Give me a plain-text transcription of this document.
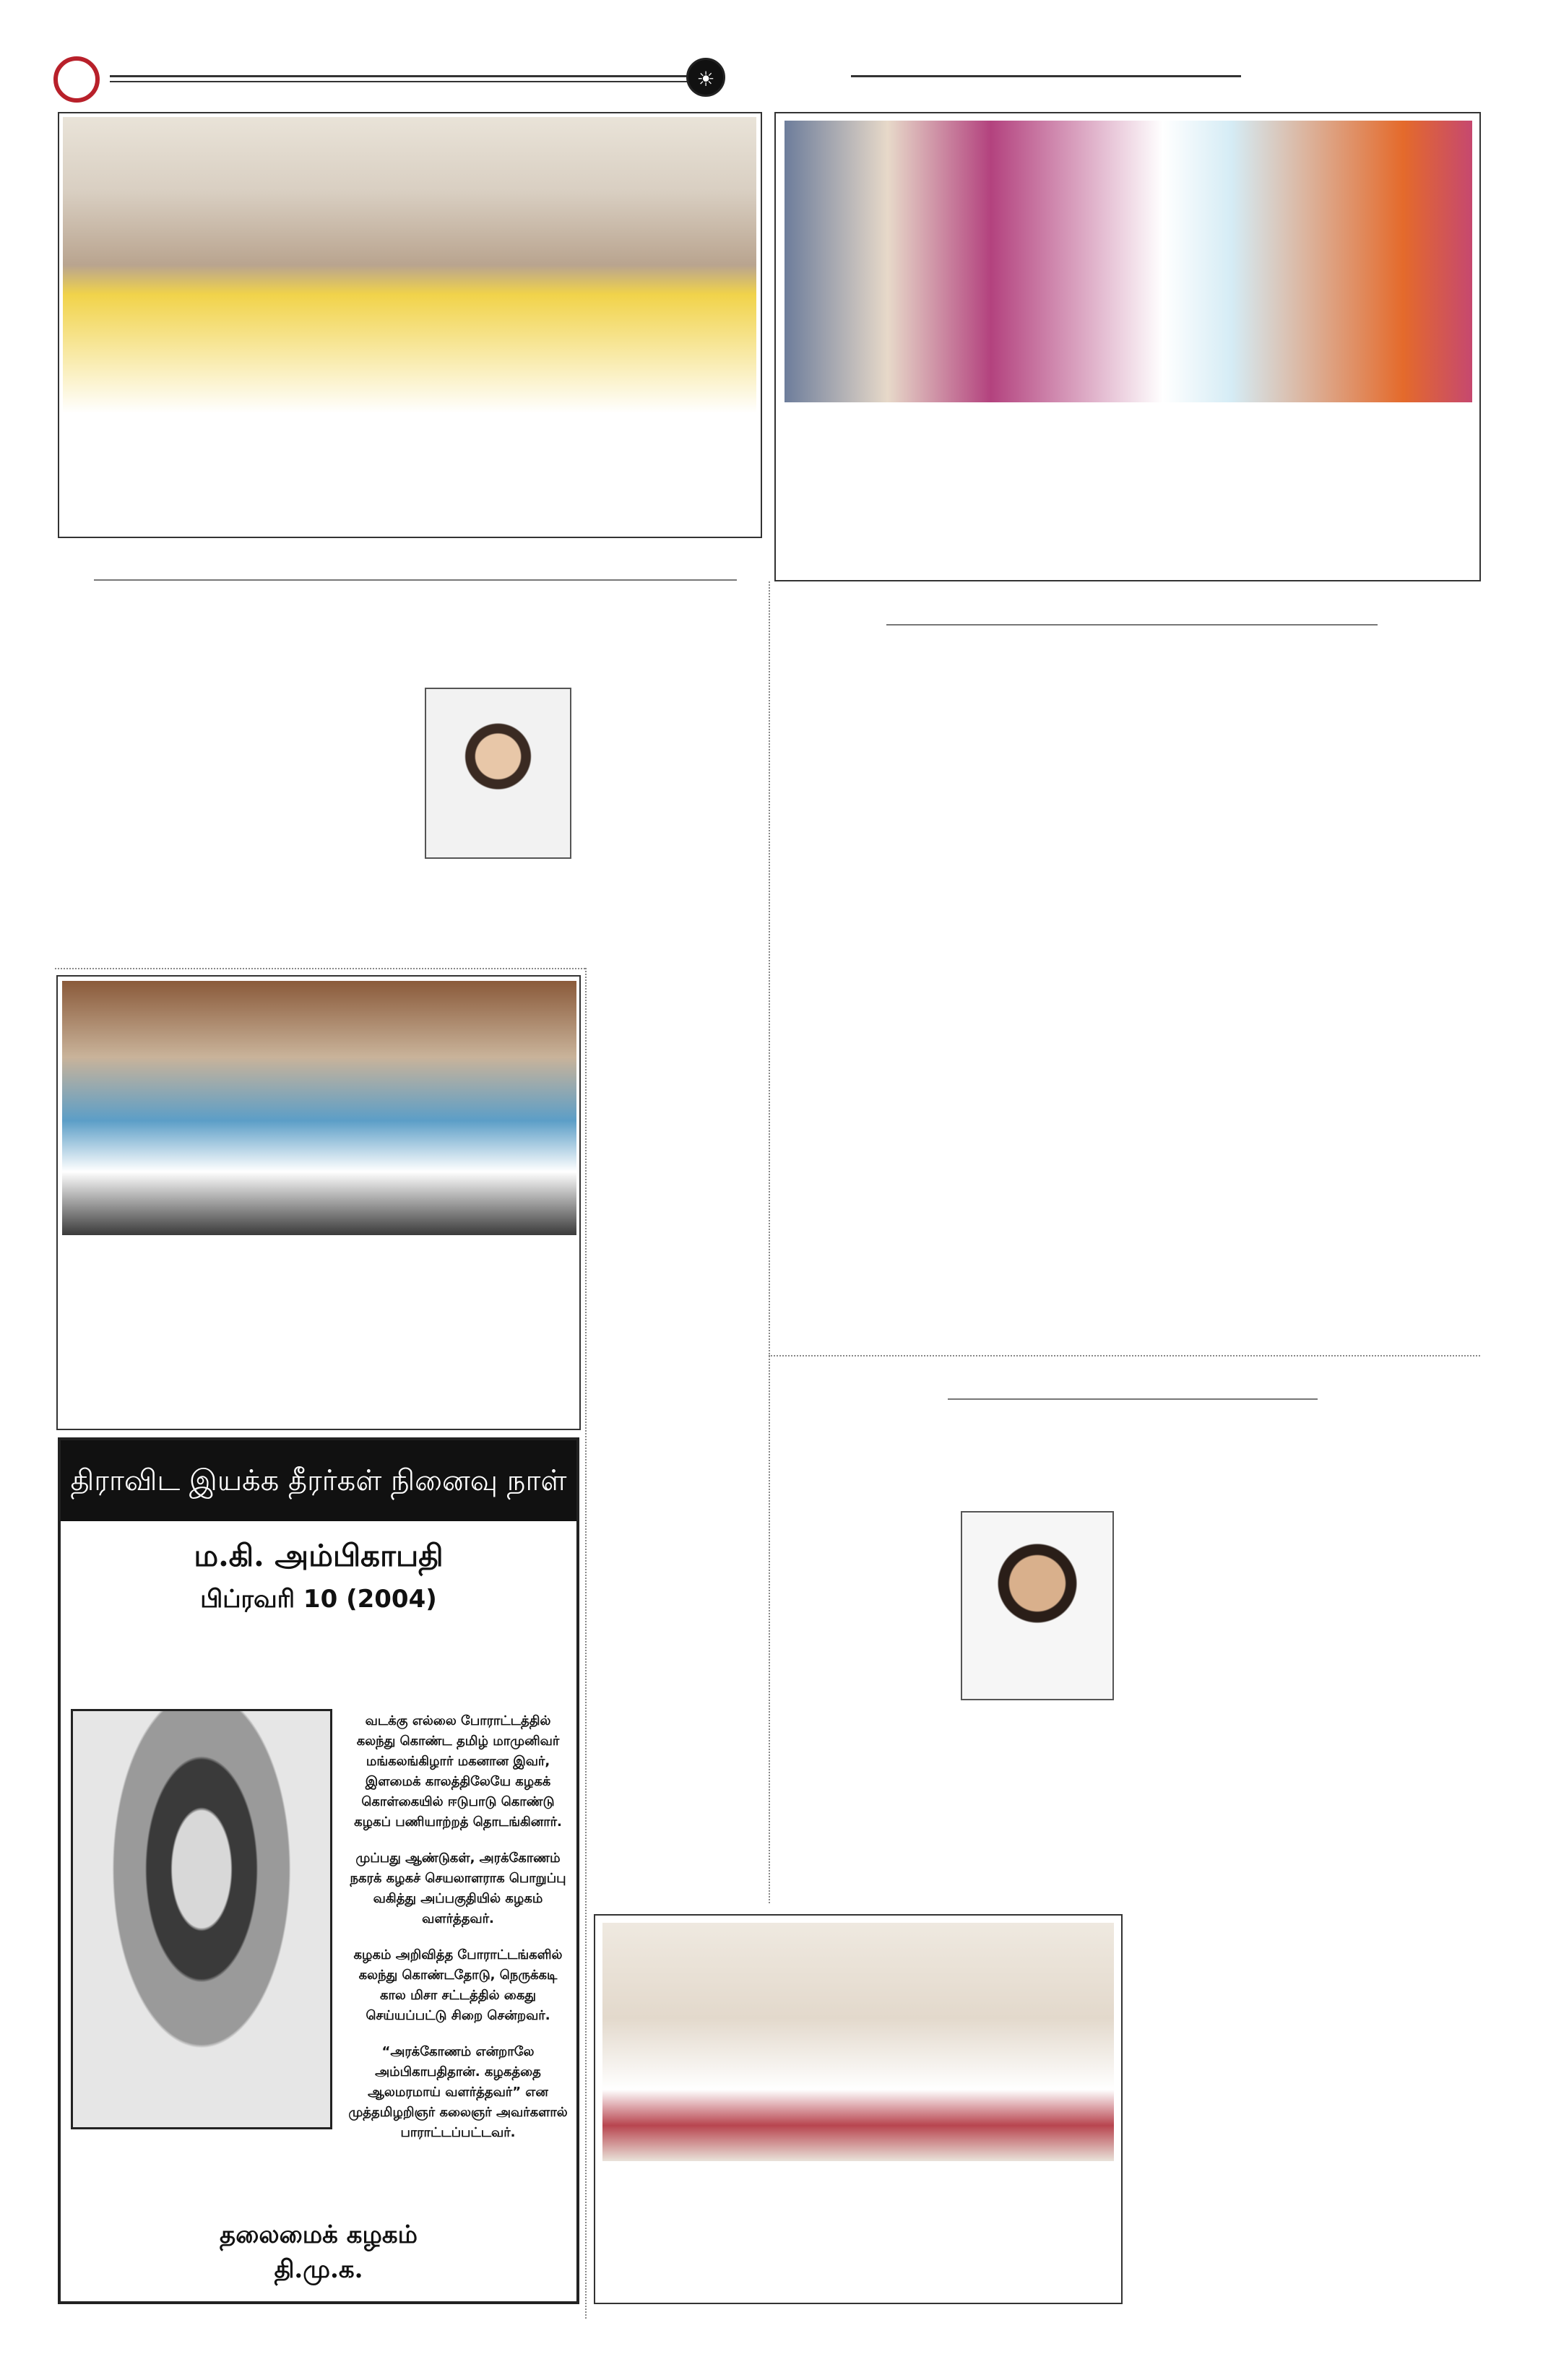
☀
திராவிட இயக்க தீரர்கள் நினைவு நாள்
ம.கி. அம்பிகாபதி
பிப்ரவரி 10 (2004)

வடக்கு எல்லை போராட்டத்தில் கலந்து கொண்ட தமிழ் மாமுனிவர் மங்கலங்கிழார் மகனான இவர், இளமைக் காலத்திலேயே கழகக் கொள்கையில் ஈடுபாடு கொண்டு கழகப் பணியாற்றத் தொடங்கினார்.

முப்பது ஆண்டுகள், அரக்கோணம் நகரக் கழகச் செயலாளராக பொறுப்பு வகித்து அப்பகுதியில் கழகம் வளர்த்தவர்.

கழகம் அறிவித்த போராட்டங்களில் கலந்து கொண்டதோடு, நெருக்கடி கால மிசா சட்டத்தில் கைது செய்யப்பட்டு சிறை சென்றவர்.

“அரக்கோணம் என்றாலே அம்பிகாபதிதான். கழகத்தை ஆலமரமாய் வளர்த்தவர்” என முத்தமிழறிஞர் கலைஞர் அவர்களால் பாராட்டப்பட்டவர்.

தலைமைக் கழகம்
தி.மு.க.
